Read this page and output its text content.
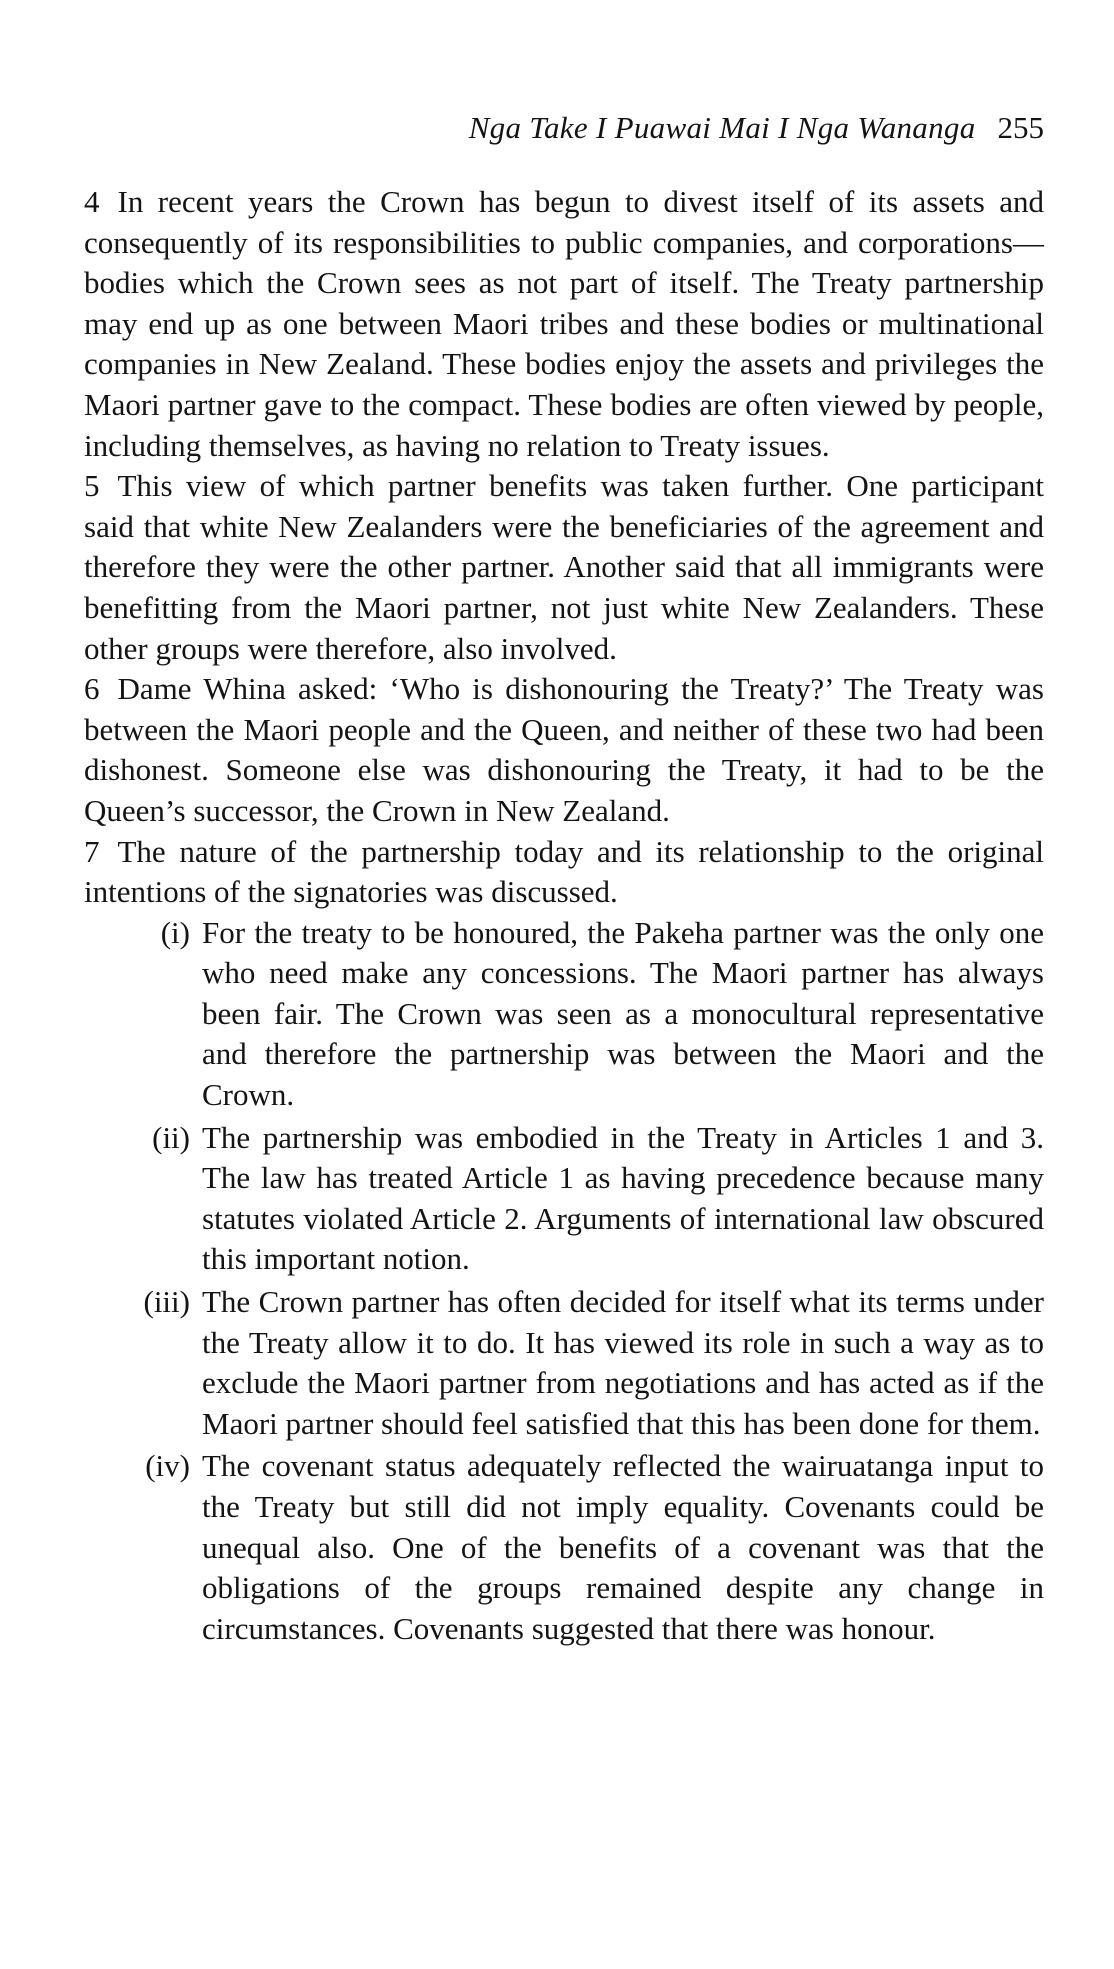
Nga Take I Puawai Mai I Nga Wananga 255

4 In recent years the Crown has begun to divest itself of its assets and consequently of its responsibilities to public companies, and corporations—bodies which the Crown sees as not part of itself. The Treaty partnership may end up as one between Maori tribes and these bodies or multinational companies in New Zealand. These bodies enjoy the assets and privileges the Maori partner gave to the compact. These bodies are often viewed by people, including themselves, as having no relation to Treaty issues.

5 This view of which partner benefits was taken further. One participant said that white New Zealanders were the beneficiaries of the agreement and therefore they were the other partner. Another said that all immigrants were benefitting from the Maori partner, not just white New Zealanders. These other groups were therefore, also involved.

6 Dame Whina asked: ‘Who is dishonouring the Treaty?’ The Treaty was between the Maori people and the Queen, and neither of these two had been dishonest. Someone else was dishonouring the Treaty, it had to be the Queen’s successor, the Crown in New Zealand.

7 The nature of the partnership today and its relationship to the original intentions of the signatories was discussed.

(i) For the treaty to be honoured, the Pakeha partner was the only one who need make any concessions. The Maori partner has always been fair. The Crown was seen as a monocultural representative and therefore the partnership was between the Maori and the Crown.
(ii) The partnership was embodied in the Treaty in Articles 1 and 3. The law has treated Article 1 as having precedence because many statutes violated Article 2. Arguments of international law obscured this important notion.
(iii) The Crown partner has often decided for itself what its terms under the Treaty allow it to do. It has viewed its role in such a way as to exclude the Maori partner from negotiations and has acted as if the Maori partner should feel satisfied that this has been done for them.
(iv) The covenant status adequately reflected the wairuatanga input to the Treaty but still did not imply equality. Covenants could be unequal also. One of the benefits of a covenant was that the obligations of the groups remained despite any change in circumstances. Covenants suggested that there was honour.
